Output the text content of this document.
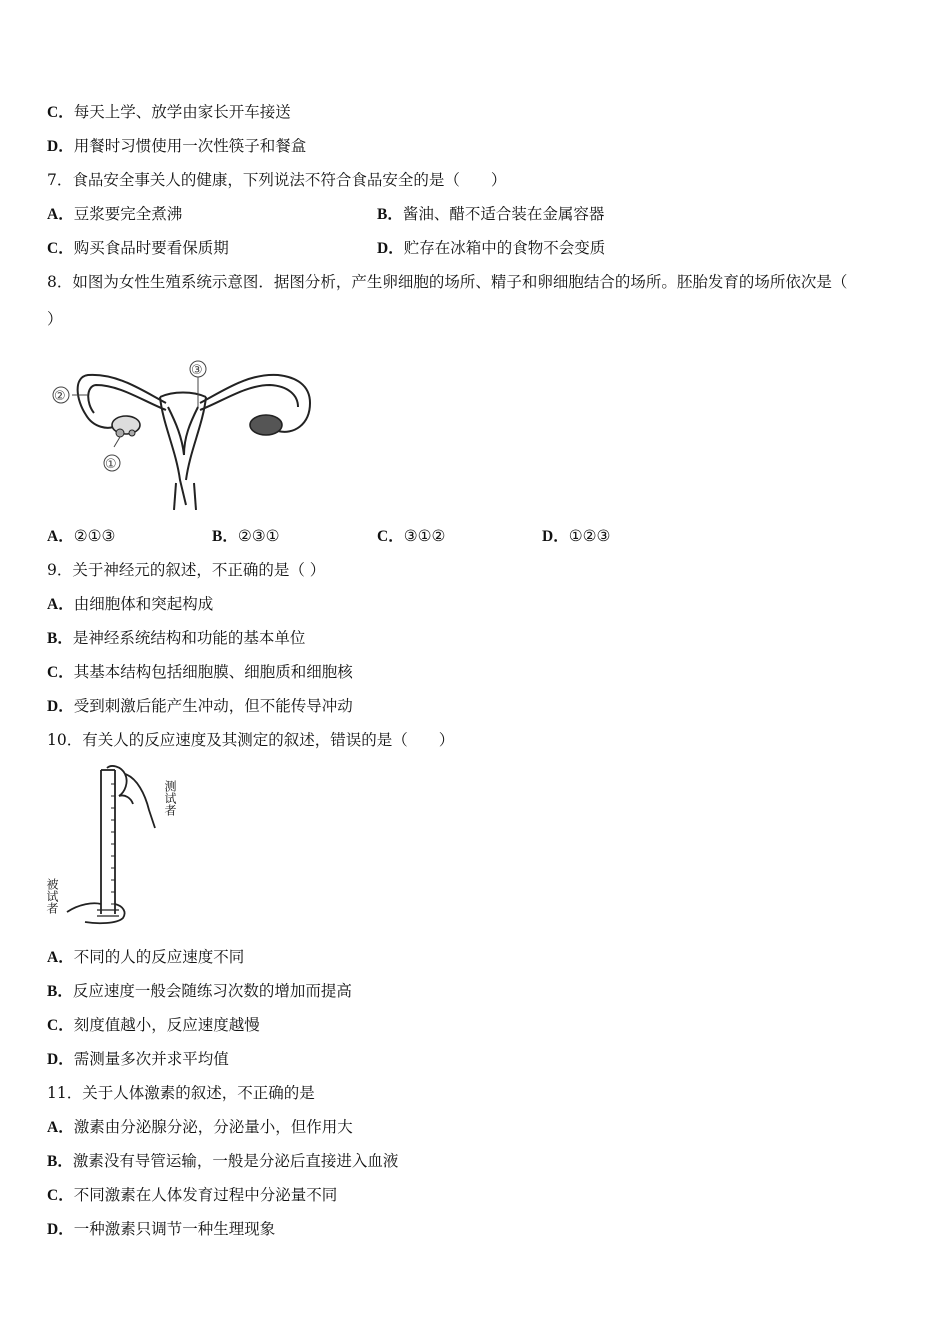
C．每天上学、放学由家长开车接送
D．用餐时习惯使用一次性筷子和餐盒
7．食品安全事关人的健康，下列说法不符合食品安全的是（　　）
A．豆浆要完全煮沸	B．酱油、醋不适合装在金属容器
C．购买食品时要看保质期	D．贮存在冰箱中的食物不会变质
8．如图为女性生殖系统示意图．据图分析，产生卵细胞的场所、精子和卵细胞结合的场所。胚胎发育的场所依次是（
）
②
③
①
A．②①③	B．②③①	C．③①②	D．①②③
9．关于神经元的叙述，不正确的是（ ）
A．由细胞体和突起构成
B．是神经系统结构和功能的基本单位
C．其基本结构包括细胞膜、细胞质和细胞核
D．受到刺激后能产生冲动，但不能传导冲动
10．有关人的反应速度及其测定的叙述，错误的是（　　）
测试者
被试者
A．不同的人的反应速度不同
B．反应速度一般会随练习次数的增加而提高
C．刻度值越小，反应速度越慢
D．需测量多次并求平均值
11．关于人体激素的叙述，不正确的是
A．激素由分泌腺分泌，分泌量小，但作用大
B．激素没有导管运输，一般是分泌后直接进入血液
C．不同激素在人体发育过程中分泌量不同
D．一种激素只调节一种生理现象
